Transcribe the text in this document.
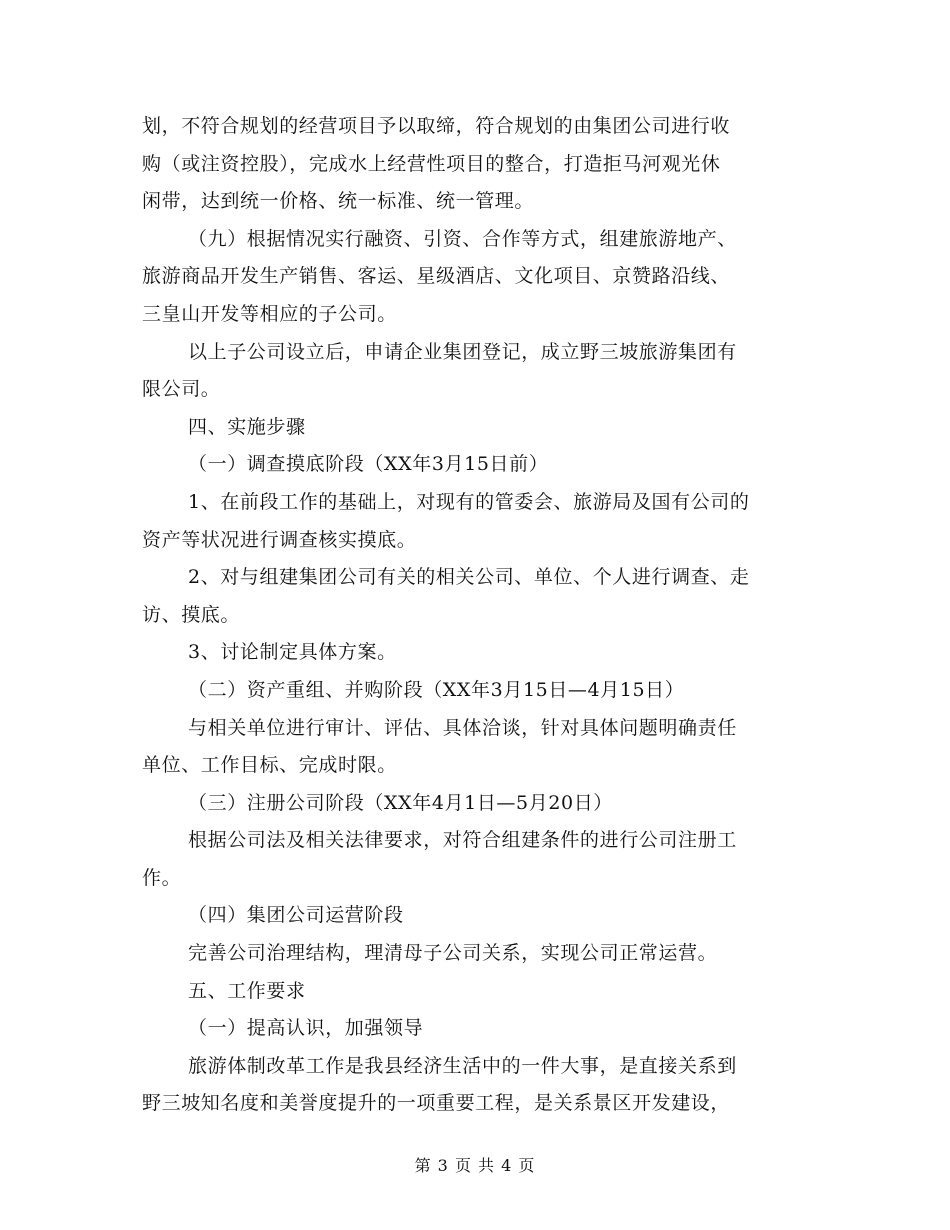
划，不符合规划的经营项目予以取缔，符合规划的由集团公司进行收
购（或注资控股），完成水上经营性项目的整合，打造拒马河观光休
闲带，达到统一价格、统一标准、统一管理。
（九）根据情况实行融资、引资、合作等方式，组建旅游地产、
旅游商品开发生产销售、客运、星级酒店、文化项目、京赞路沿线、
三皇山开发等相应的子公司。
以上子公司设立后，申请企业集团登记，成立野三坡旅游集团有
限公司。
四、实施步骤
（一）调查摸底阶段（XX年3月15日前）
1、在前段工作的基础上，对现有的管委会、旅游局及国有公司的
资产等状况进行调查核实摸底。
2、对与组建集团公司有关的相关公司、单位、个人进行调查、走
访、摸底。
3、讨论制定具体方案。
（二）资产重组、并购阶段（XX年3月15日—4月15日）
与相关单位进行审计、评估、具体洽谈，针对具体问题明确责任
单位、工作目标、完成时限。
（三）注册公司阶段（XX年4月1日—5月20日）
根据公司法及相关法律要求，对符合组建条件的进行公司注册工
作。
（四）集团公司运营阶段
完善公司治理结构，理清母子公司关系，实现公司正常运营。
五、工作要求
（一）提高认识，加强领导
旅游体制改革工作是我县经济生活中的一件大事，是直接关系到
野三坡知名度和美誉度提升的一项重要工程，是关系景区开发建设，
第 3 页 共 4 页
